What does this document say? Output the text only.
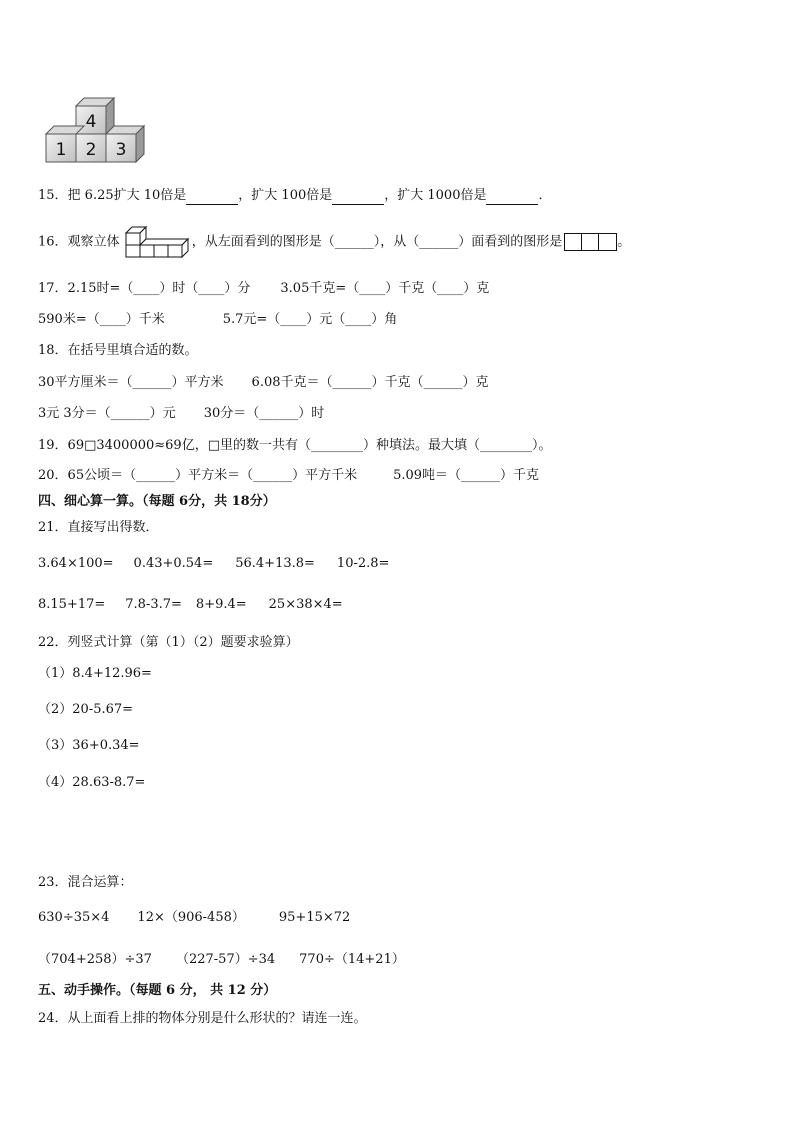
4
1 2 3
15．把 6.25扩大 10倍是	，扩大 100倍是	，扩大 1000倍是	．
16．观察立体	，从左面看到的图形是（______），从（______）面看到的图形是	。
17．2.15时=（____）时（____）分 3.05千克=（____）千克（____）克
590米=（____）千米	5.7元=（____）元（____）角
18．在括号里填合适的数。
30平方厘米＝（______）平方米 6.08千克＝（______）千克（______）克
3元 3分＝（______）元 30分＝（______）时
19．69□3400000≈69亿，□里的数一共有（________）种填法。最大填（________）。
20．65公顷＝（______）平方米＝（______）平方千米	5.09吨＝（______）千克
四、细心算一算。（每题 6分，共 18分）
21．直接写出得数．
3.64×100= 0.43+0.54= 56.4+13.8= 10-2.8=
8.15+17= 7.8-3.7= 8+9.4= 25×38×4=
22．列竖式计算（第（1）（2）题要求验算）
（1）8.4+12.96=
（2）20-5.67=
（3）36+0.34=
（4）28.63-8.7=
23．混合运算：
630÷35×4 12×（906-458）	95+15×72
（704+258）÷37 （227-57）÷34 770÷（14+21）
五、动手操作。（每题 6 分， 共 12 分）
24．从上面看上排的物体分别是什么形状的？请连一连。
